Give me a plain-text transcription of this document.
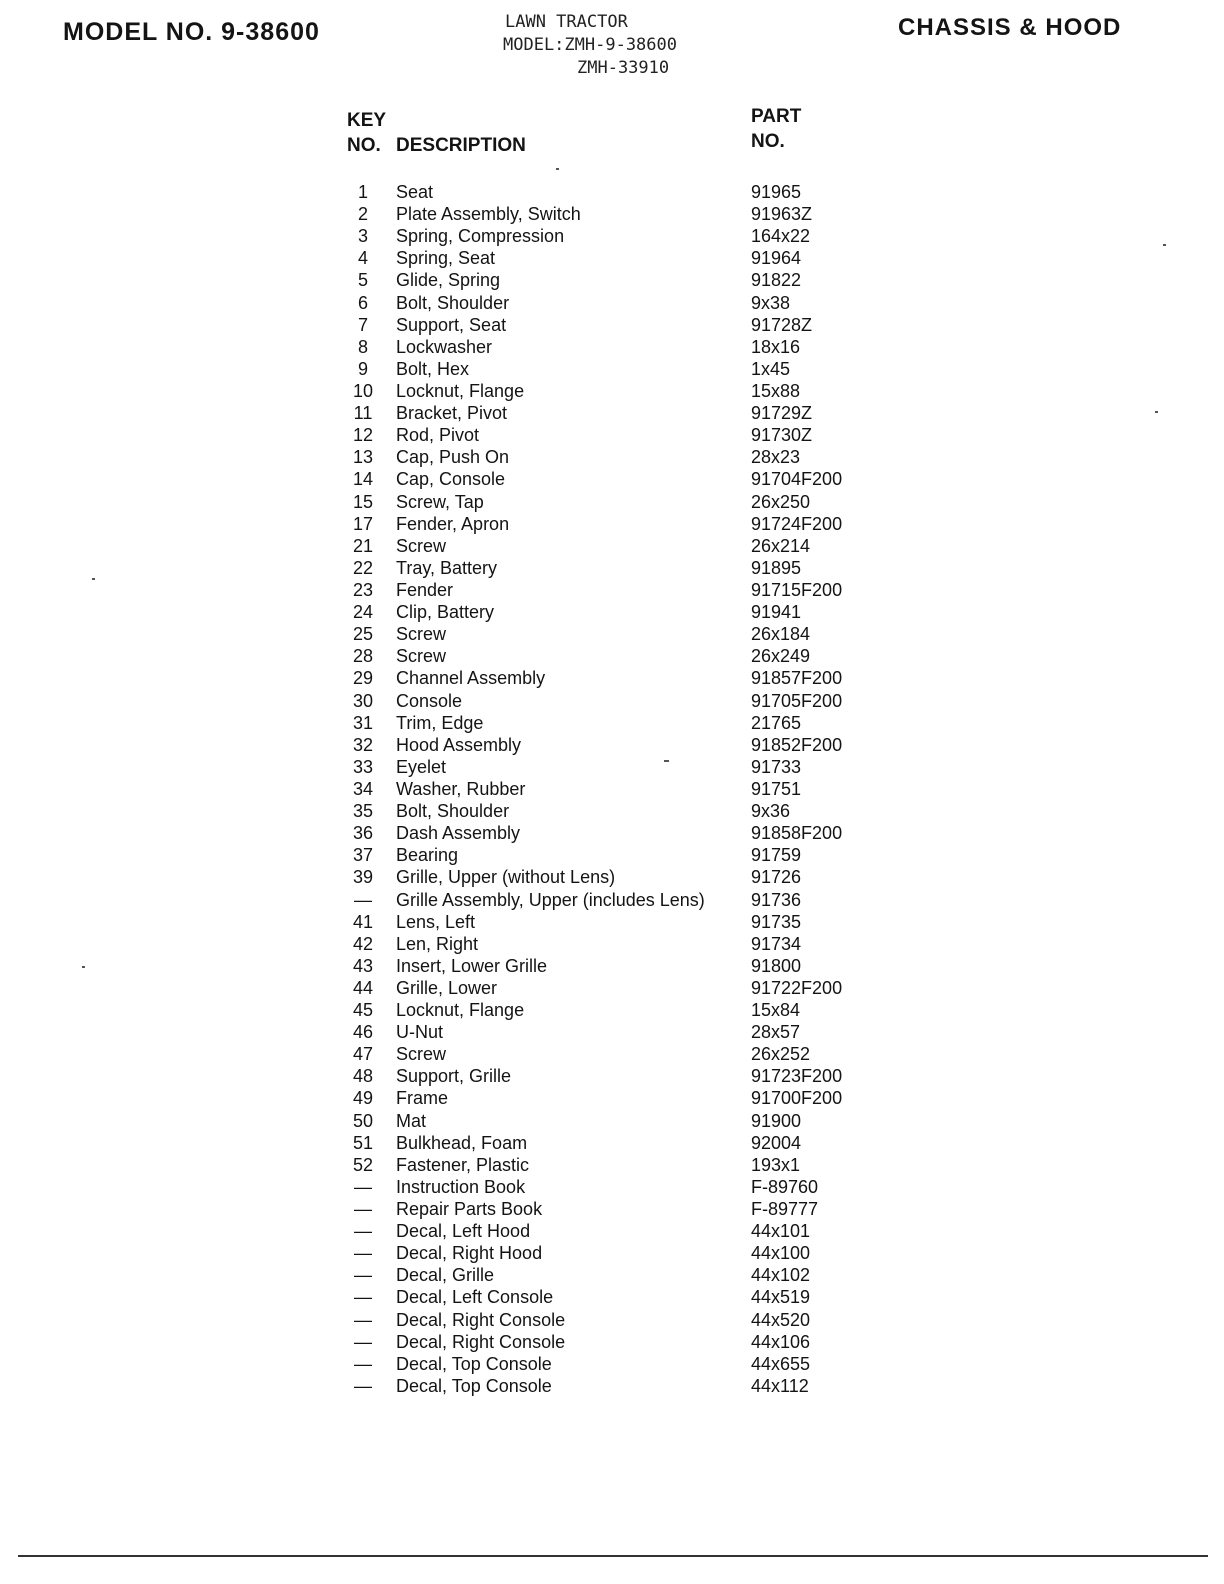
MODEL NO. 9-38600	LAWN TRACTOR
MODEL:ZMH-9-38600
ZMH-33910
CHASSIS & HOOD
KEY
NO. DESCRIPTION
PART
NO.
1	Seat	91965
2	Plate Assembly, Switch	91963Z
3	Spring, Compression	164x22
4	Spring, Seat	91964
5	Glide, Spring	91822
6	Bolt, Shoulder	9x38
7	Support, Seat	91728Z
8	Lockwasher	18x16
9	Bolt, Hex	1x45
10	Locknut, Flange	15x88
11	Bracket, Pivot	91729Z
12	Rod, Pivot	91730Z
13	Cap, Push On	28x23
14	Cap, Console	91704F200
15	Screw, Tap	26x250
17	Fender, Apron	91724F200
21	Screw	26x214
22	Tray, Battery	91895
23	Fender	91715F200
24	Clip, Battery	91941
25	Screw	26x184
28	Screw	26x249
29	Channel Assembly	91857F200
30	Console	91705F200
31	Trim, Edge	21765
32	Hood Assembly	91852F200
33	Eyelet	91733
34	Washer, Rubber	91751
35	Bolt, Shoulder	9x36
36	Dash Assembly	91858F200
37	Bearing	91759
39	Grille, Upper (without Lens)	91726
—	Grille Assembly, Upper (includes Lens)	91736
41	Lens, Left	91735
42	Len, Right	91734
43	Insert, Lower Grille	91800
44	Grille, Lower	91722F200
45	Locknut, Flange	15x84
46	U-Nut	28x57
47	Screw	26x252
48	Support, Grille	91723F200
49	Frame	91700F200
50	Mat	91900
51	Bulkhead, Foam	92004
52	Fastener, Plastic	193x1
—	Instruction Book	F-89760
—	Repair Parts Book	F-89777
—	Decal, Left Hood	44x101
—	Decal, Right Hood	44x100
—	Decal, Grille	44x102
—	Decal, Left Console	44x519
—	Decal, Right Console	44x520
—	Decal, Right Console	44x106
—	Decal, Top Console	44x655
—	Decal, Top Console	44x112
